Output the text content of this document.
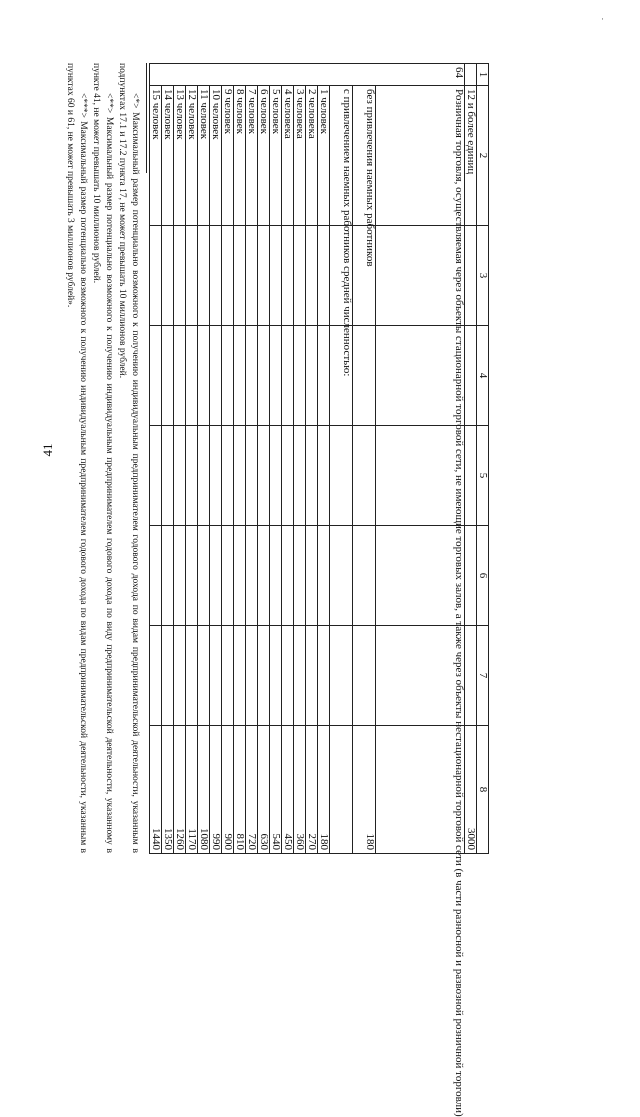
41
·
1	2	3	4	5	6	7	8
	12 и более единиц						3000
64	Розничная торговля, осуществляемая через объекты стационарной торговой сети, не имеющие торговых залов, а также через объекты нестационарной торговой сети (в части разносной и развозной розничной торговли)						
	без привлечения наемных работников						180
	с привлечением наемных работников средней численностью:						
	1 человек						180
	2 человека						270
	3 человека						360
	4 человека						450
	5 человек						540
	6 человек						630
	7 человек						720
	8 человек						810
	9 человек						900
	10 человек						990
	11 человек						1080
	12 человек						1170
	13 человек						1260
	14 человек						1350
	15 человек						1440

<*> Максимальный размер потенциально возможного к получению индивидуальным предпринимателем годового дохода по видам предпринимательской деятельности, указанным в подпунктах 17.1 и 17.2 пункта 17, не может превышать 10 миллионов рублей.

<**> Максимальный размер потенциально возможного к получению индивидуальным предпринимателем годового дохода по виду предпринимательской деятельности, указанному в пункте 41, не может превышать 10 миллионов рублей.

<***> Максимальный размер потенциально возможного к получению индивидуальным предпринимателем годового дохода по видам предпринимательской деятельности, указанным в пунктах 60 и 61, не может превышать 3 миллионов рублей».
